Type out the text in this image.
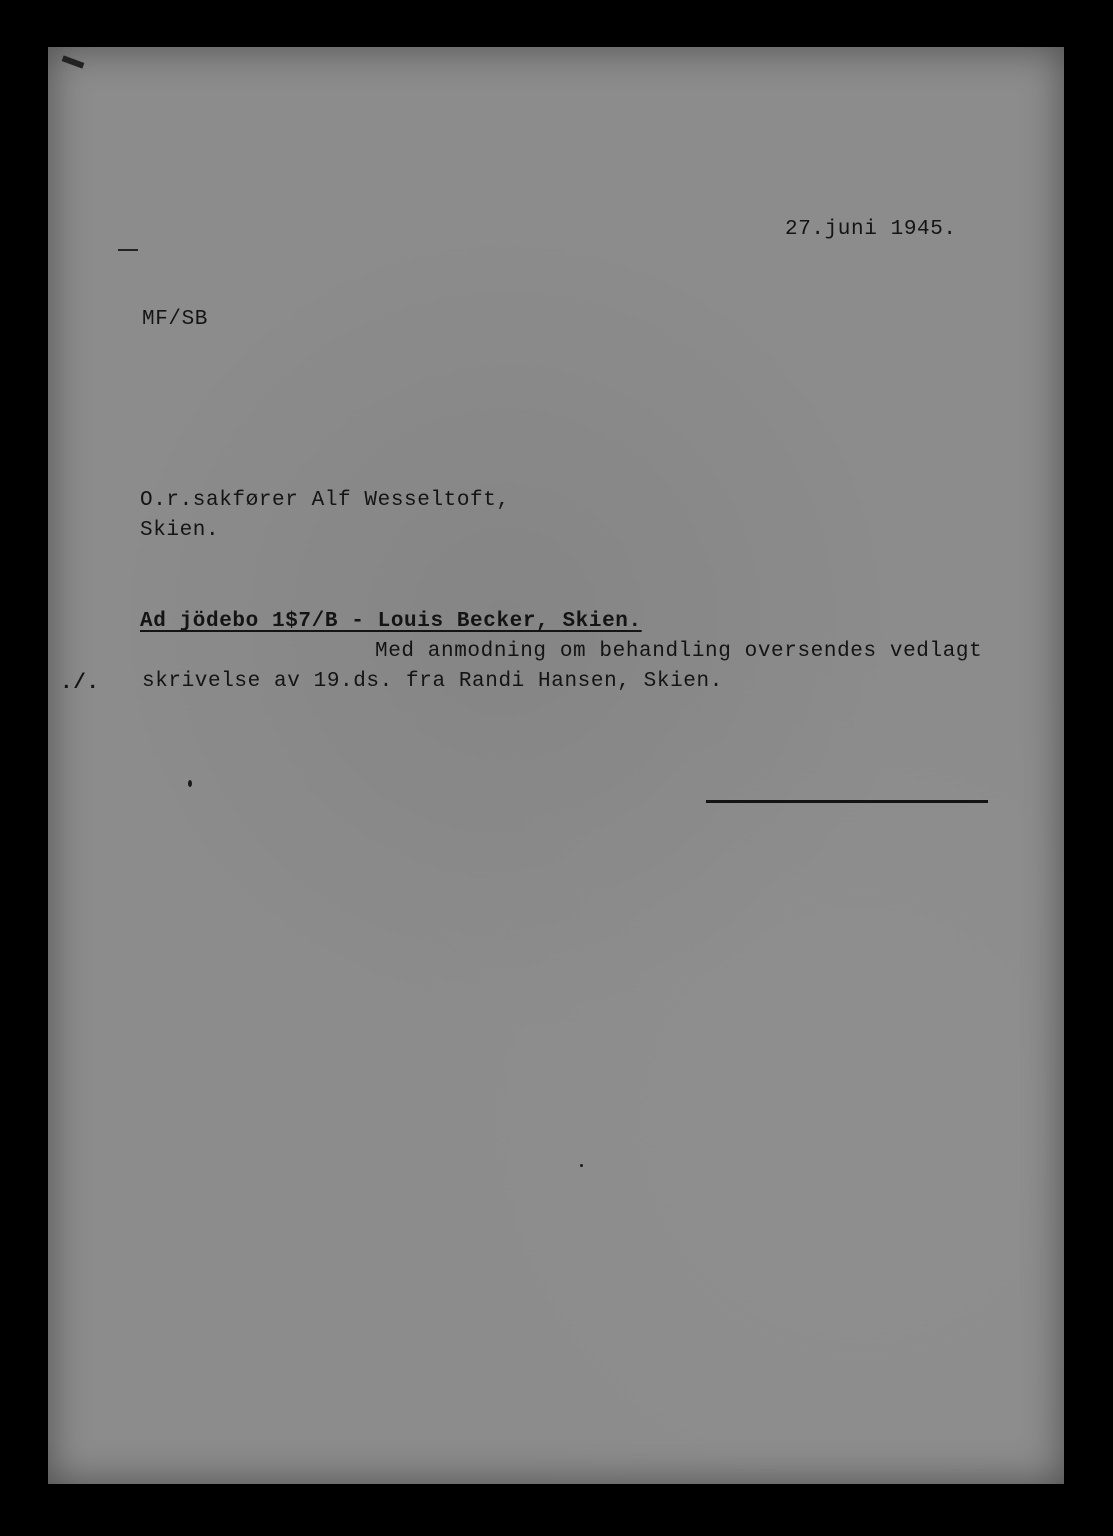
27.juni 1945.
MF/SB
O.r.sakfører Alf Wesseltoft,
Skien.
Ad jödebo 1$7/B - Louis Becker, Skien.
Med anmodning om behandling oversendes vedlagt
./. skrivelse av 19.ds. fra Randi Hansen, Skien.
